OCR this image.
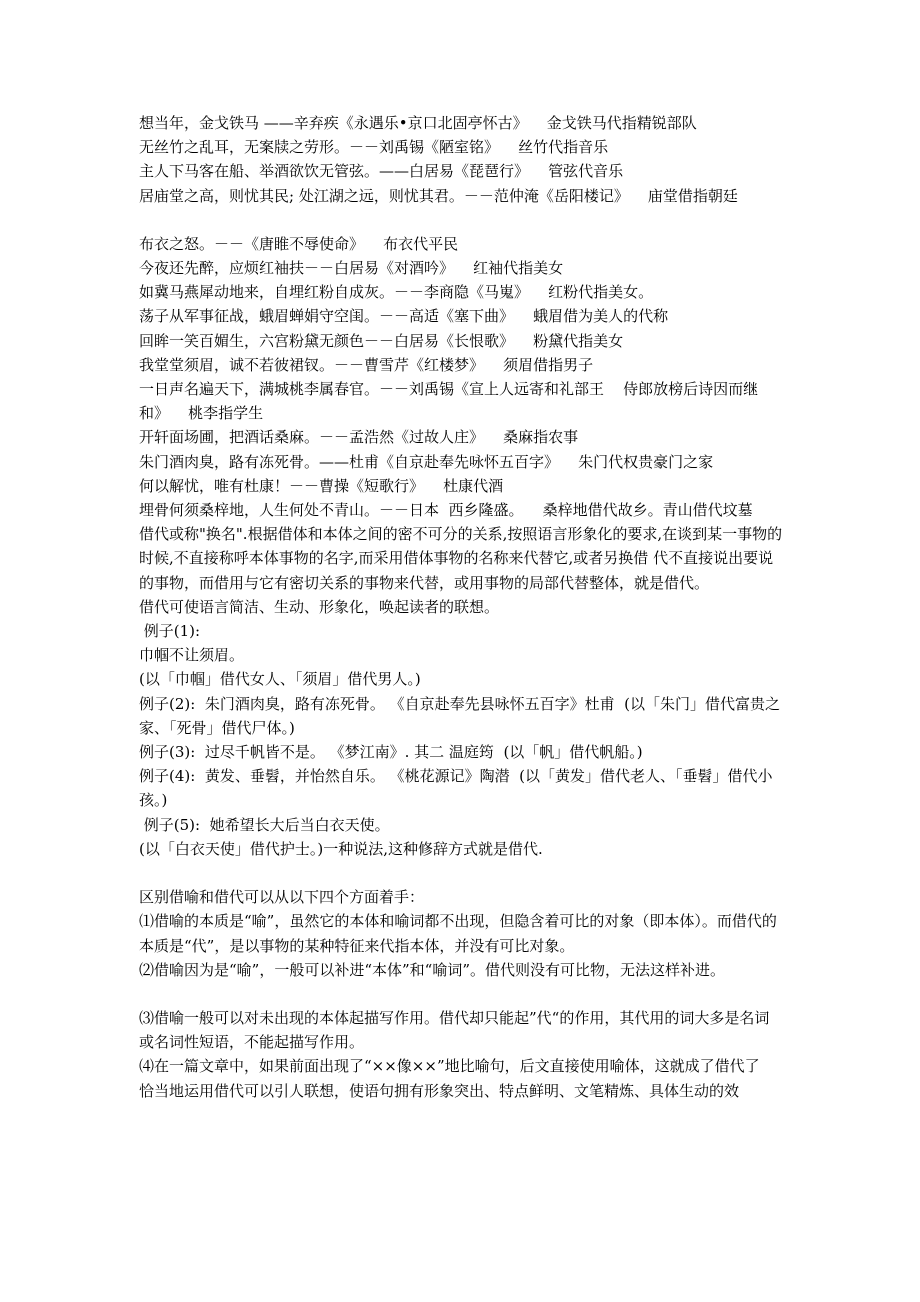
想当年，金戈铁马 ——辛弃疾《永遇乐•京口北固亭怀古》    金戈铁马代指精锐部队

无丝竹之乱耳，无案牍之劳形。－－刘禹锡《陋室铭》    丝竹代指音乐

主人下马客在船、举酒欲饮无管弦。——白居易《琵琶行》    管弦代音乐

居庙堂之高，则忧其民; 处江湖之远，则忧其君。－－范仲淹《岳阳楼记》    庙堂借指朝廷

布衣之怒。－－《唐睢不辱使命》    布衣代平民

今夜还先醉，应烦红袖扶－－白居易《对酒吟》    红袖代指美女

如冀马燕犀动地来，自埋红粉自成灰。－－李商隐《马嵬》    红粉代指美女。

荡子从军事征战，蛾眉蝉娟守空闺。－－高适《塞下曲》    蛾眉借为美人的代称

回眸一笑百媚生，六宫粉黛无颜色－－白居易《长恨歌》    粉黛代指美女

我堂堂须眉，诚不若彼裙钗。－－曹雪芹《红楼梦》    须眉借指男子

一日声名遍天下，满城桃李属春官。－－刘禹锡《宣上人远寄和礼部王    侍郎放榜后诗因而继和》    桃李指学生

开轩面场圃，把酒话桑麻。－－孟浩然《过故人庄》    桑麻指农事

朱门酒肉臭，路有冻死骨。——杜甫《自京赴奉先咏怀五百字》    朱门代权贵豪门之家

何以解忧，唯有杜康！－－曹操《短歌行》    杜康代酒

埋骨何须桑梓地，人生何处不青山。－－日本  西乡隆盛。    桑梓地借代故乡。青山借代坟墓

借代或称"换名".根据借体和本体之间的密不可分的关系,按照语言形象化的要求,在谈到某一事物的时候,不直接称呼本体事物的名字,而采用借体事物的名称来代替它,或者另换借 代不直接说出要说的事物，而借用与它有密切关系的事物来代替，或用事物的局部代替整体，就是借代。

借代可使语言简洁、生动、形象化，唤起读者的联想。

例子(1):

巾帼不让须眉。

(以「巾帼」借代女人、「须眉」借代男人。)

例子(2):  朱门酒肉臭，路有冻死骨。 《自京赴奉先县咏怀五百字》杜甫  (以「朱门」借代富贵之家、「死骨」借代尸体。)

例子(3):  过尽千帆皆不是。 《梦江南》. 其二 温庭筠  (以「帆」借代帆船。)

例子(4):  黄发、垂髫，并怡然自乐。 《桃花源记》陶潜  (以「黄发」借代老人、「垂髫」借代小孩。)

例子(5):  她希望长大后当白衣天使。

(以「白衣天使」借代护士。)一种说法,这种修辞方式就是借代.

区别借喻和借代可以从以下四个方面着手：

⑴借喻的本质是“喻”，虽然它的本体和喻词都不出现，但隐含着可比的对象（即本体）。而借代的本质是“代”，是以事物的某种特征来代指本体，并没有可比对象。

⑵借喻因为是“喻”，一般可以补进“本体”和“喻词”。借代则没有可比物，无法这样补进。

⑶借喻一般可以对未出现的本体起描写作用。借代却只能起”代“的作用，其代用的词大多是名词或名词性短语，不能起描写作用。

⑷在一篇文章中，如果前面出现了“××像××”地比喻句，后文直接使用喻体，这就成了借代了

恰当地运用借代可以引人联想，使语句拥有形象突出、特点鲜明、文笔精炼、具体生动的效
